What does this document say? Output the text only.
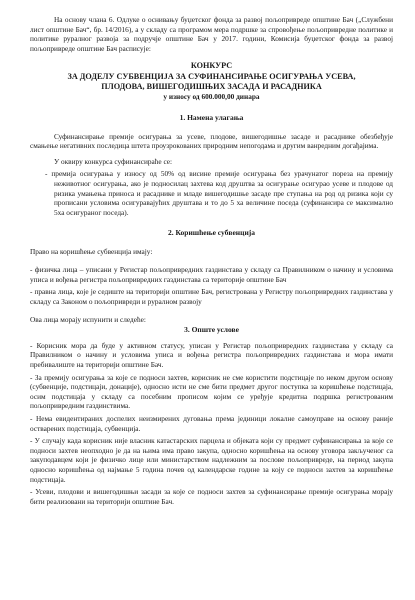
На основу члана 6. Одлуке о оснивању буџетског фонда за развој пољопривреде општине Бач („Службени лист општине Бач“, бр. 14/2016), а у складу са програмом мера подршке за спровођење пољопривредне политике и политике руралног развоја за подручје општине Бач у 2017. години, Комисија буџетског фонда за развој пољопривреде општине Бач расписује:

КОНКУРС

ЗА ДОДЕЛУ СУБВЕНЦИЈА ЗА СУФИНАНСИРАЊЕ ОСИГУРАЊА УСЕВА,

ПЛОДОВА, ВИШЕГОДИШЊИХ ЗАСАДА И РАСАДНИКА

у износу од 600.000,00 динара

1. Намена улагања

Суфинансирање премије осигурања за усеве, плодове, вишегодишње засаде и расаднике обезбеђује смањење негативних последица штета проузрокованих природним непогодама и другим ванредним догађајима.

У оквиру конкурса суфинансираће се:

- премија осигурања у износу од 50% од висине премије осигурања без урачунатог пореза на премију неживотног осигурања, ако је подносилац захтева код друштва за осигурање осигурао усеве и плодове од ризика умањења приноса и расаднике и младе вишегодишње засаде пре ступања на род од ризика који су прописани условима осигуравајућих друштава и то до 5 ха величине поседа (суфинансира се максимално 5ха осигураног поседа).

2. Коришћење субвенција

Право на коришћење субвенција имају:

- физичка лица – уписани у Регистар пољопривредних газдинстава у складу са Правилником о начину и условима уписа и вођења регистра пољопривредних газдинстава са територије општине Бач

- правна лица, које је седиште на територији општине Бач, регистрована у Регистру пољопривредних газдинстава у складу са Законом о пољопривреди и руралном развоју

Ова лица морају испунити и следеће:

3. Опште услове

- Корисник мора да буде у активном статусу, уписан у Регистар пољопривредних газдинстава у складу са Правилником о начину и условима уписа и вођења регистра пољопривредних газдинстава и мора имати пребивалиште на територији општине Бач.

- За премију осигурања за које се подноси захтев, корисник не сме користити подстицаје по неком другом основу (субвенције, подстицаји, донације), односно исти не сме бити предмет другог поступка за коришћење подстицаја, осим подстицаја у складу са посебним прописом којим се уређује кредитна подршка регистрованим пољопривредним газдинствима.

- Нема евидентираних доспелих неизмирених дуговања према јединици локалне самоуправе на основу раније остварених подстицаја, субвенција.

- У случају када корисник није власник катастарских парцела и објеката који су предмет суфинансирања за које се подноси захтев неопходно је да на њима има право закупа, односно коришћења на основу уговора закљученог са закуподавцем који је физичко лице или министарством надлежним за послове пољопривреде, на период закупа односно коришћења од најмање 5 година почев од календарске године за коју се подноси захтев за коришћење подстицаја.

- Усеви, плодови и вишегодишњи засади за које се подноси захтев за суфинансирање премије осигурања морају бити реализовани на територији општине Бач.
